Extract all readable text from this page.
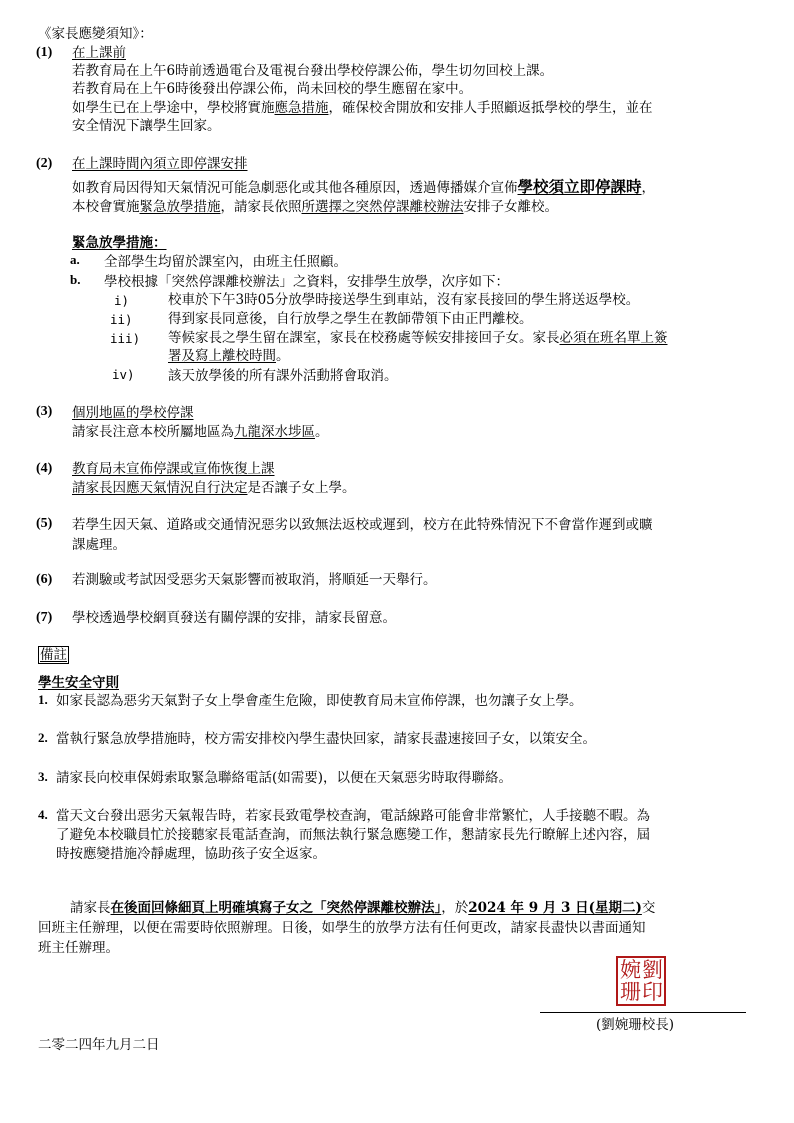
《家長應變須知》：
(1) 在上課前
若教育局在上午6時前透過電台及電視台發出學校停課公佈，學生切勿回校上課。
若教育局在上午6時後發出停課公佈，尚未回校的學生應留在家中。
如學生已在上學途中，學校將實施應急措施，確保校舍開放和安排人手照顧返抵學校的學生，並在
安全情況下讓學生回家。
(2) 在上課時間內須立即停課安排
如教育局因得知天氣情況可能急劇惡化或其他各種原因，透過傳播媒介宣佈學校須立即停課時，
本校會實施緊急放學措施，請家長依照所選擇之突然停課離校辦法安排子女離校。
緊急放學措施：
a. 全部學生均留於課室內，由班主任照顧。
b. 學校根據「突然停課離校辦法」之資料，安排學生放學，次序如下：
i)	校車於下午3時05分放學時接送學生到車站，沒有家長接回的學生將送返學校。
ii)	得到家長同意後，自行放學之學生在教師帶領下由正門離校。
iii) 等候家長之學生留在課室，家長在校務處等候安排接回子女。家長必須在班名單上簽
署及寫上離校時間。
iv) 該天放學後的所有課外活動將會取消。
(3) 個別地區的學校停課
請家長注意本校所屬地區為九龍深水埗區。
(4) 教育局未宣佈停課或宣佈恢復上課
請家長因應天氣情況自行決定是否讓子女上學。
(5) 若學生因天氣、道路或交通情況惡劣以致無法返校或遲到，校方在此特殊情況下不會當作遲到或曠
課處理。
(6) 若測驗或考試因受惡劣天氣影響而被取消，將順延一天舉行。
(7) 學校透過學校網頁發送有關停課的安排，請家長留意。
備註
學生安全守則
1. 如家長認為惡劣天氣對子女上學會產生危險，即使教育局未宣佈停課，也勿讓子女上學。
2. 當執行緊急放學措施時，校方需安排校內學生盡快回家，請家長盡速接回子女，以策安全。
3. 請家長向校車保姆索取緊急聯絡電話(如需要)，以便在天氣惡劣時取得聯絡。
4. 當天文台發出惡劣天氣報告時，若家長致電學校查詢，電話線路可能會非常繁忙，人手接聽不暇。為
了避免本校職員忙於接聽家長電話查詢，而無法執行緊急應變工作，懇請家長先行瞭解上述內容，屆
時按應變措施冷靜處理，協助孩子安全返家。
請家長在後面回條細頁上明確填寫子女之「突然停課離校辦法」，於2024 年 9 月 3 日(星期二)交
回班主任辦理，以便在需要時依照辦理。日後，如學生的放學方法有任何更改，請家長盡快以書面通知
班主任辦理。
婉 劉
珊 印
(劉婉珊校長)
二零二四年九月二日
